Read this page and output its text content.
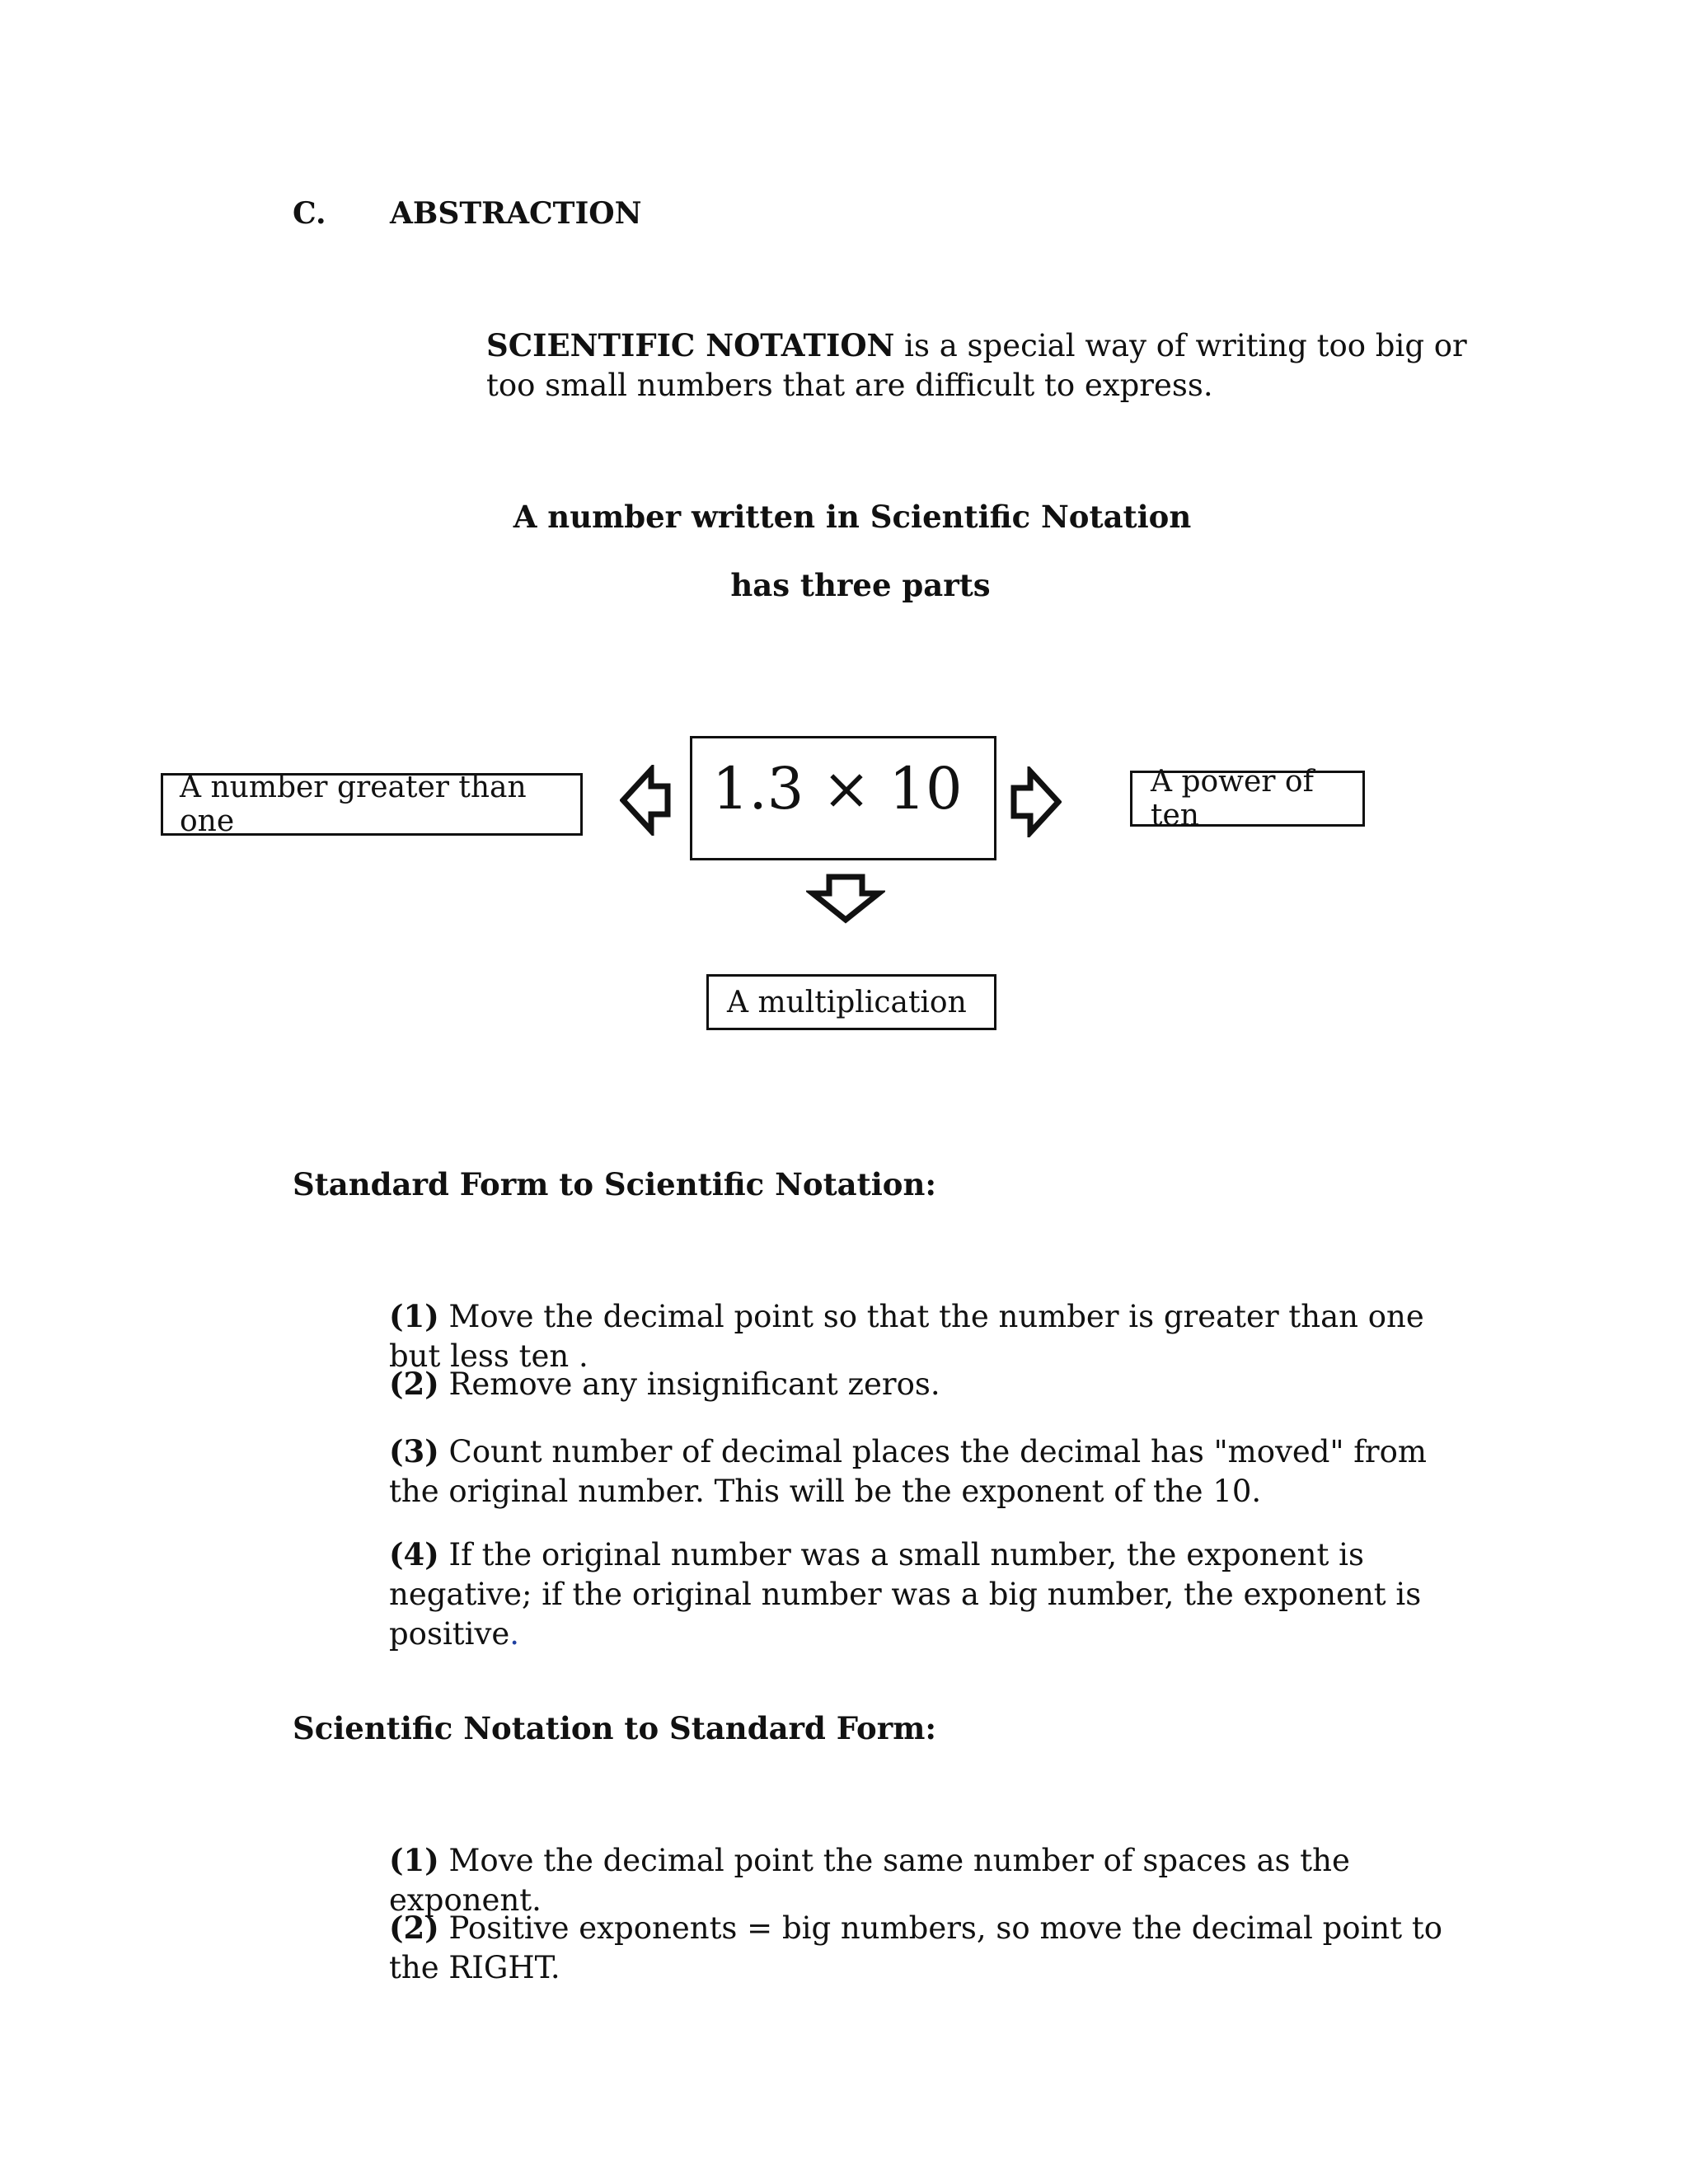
C. ABSTRACTION
SCIENTIFIC NOTATION is a special way of writing too big or too small numbers that are difficult to express.
A number written in Scientific Notation
has three parts
A number greater than one	1.3 × 10	A power of ten
A multiplication
Standard Form to Scientific Notation:
(1) Move the decimal point so that the number is greater than one but less ten .
(2) Remove any insignificant zeros.
(3) Count number of decimal places the decimal has "moved" from the original number. This will be the exponent of the 10.
(4) If the original number was a small number, the exponent is negative; if the original number was a big number, the exponent is positive.
Scientific Notation to Standard Form:
(1) Move the decimal point the same number of spaces as the exponent.
(2) Positive exponents = big numbers, so move the decimal point to the RIGHT.
